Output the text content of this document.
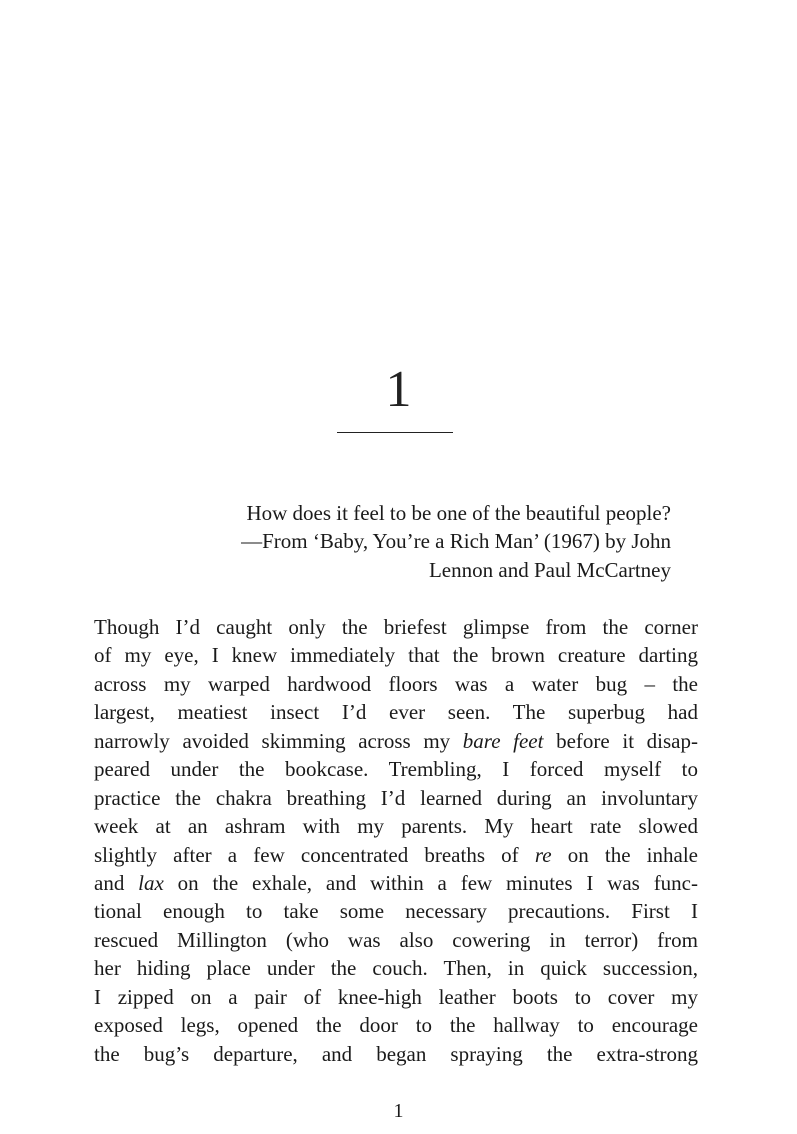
1
How does it feel to be one of the beautiful people?
—From ‘Baby, You’re a Rich Man’ (1967) by John
Lennon and Paul McCartney
Though I’d caught only the briefest glimpse from the corner
of my eye, I knew immediately that the brown creature darting
across my warped hardwood floors was a water bug – the
largest, meatiest insect I’d ever seen. The superbug had
narrowly avoided skimming across my bare feet before it disap-
peared under the bookcase. Trembling, I forced myself to
practice the chakra breathing I’d learned during an involuntary
week at an ashram with my parents. My heart rate slowed
slightly after a few concentrated breaths of re on the inhale
and lax on the exhale, and within a few minutes I was func-
tional enough to take some necessary precautions. First I
rescued Millington (who was also cowering in terror) from
her hiding place under the couch. Then, in quick succession,
I zipped on a pair of knee-high leather boots to cover my
exposed legs, opened the door to the hallway to encourage
the bug’s departure, and began spraying the extra-strong
1
